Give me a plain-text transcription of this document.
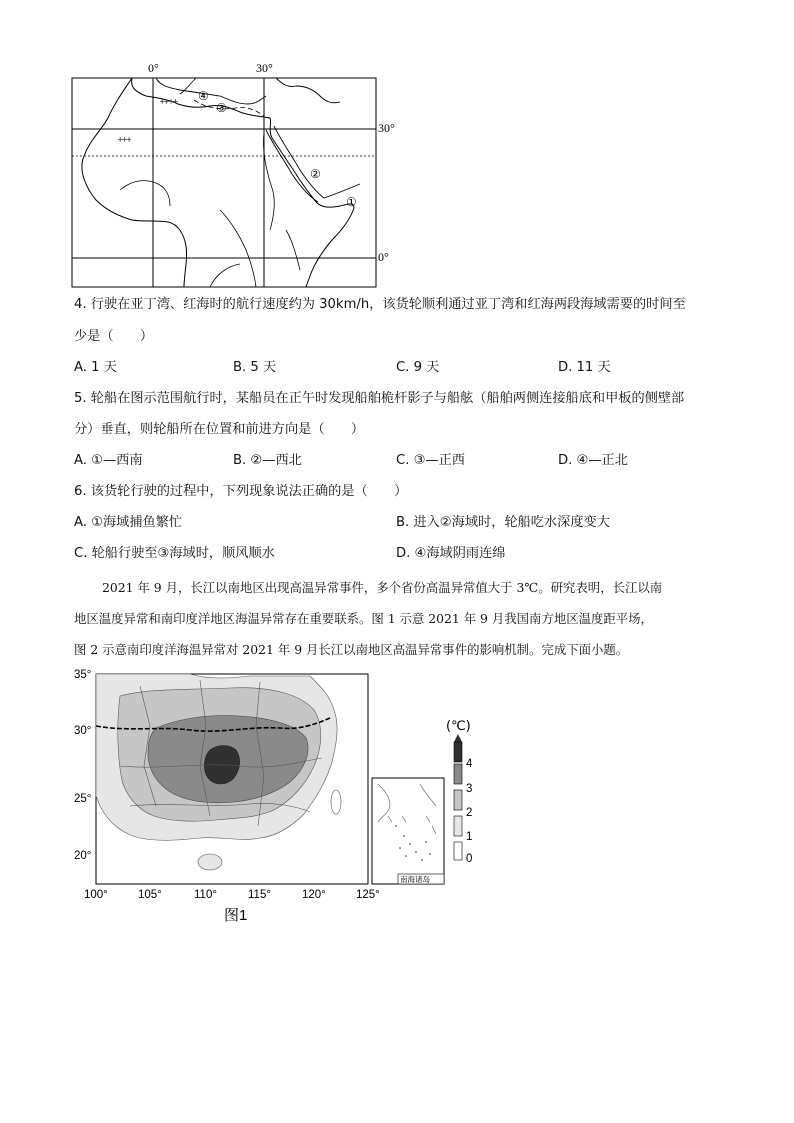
ᚐᚐᚐ
ᚐᚐᚐᚐ
①
②
③
④
0°	30°
30°
0°
4. 行驶在亚丁湾、红海时的航行速度约为 30km/h，该货轮顺利通过亚丁湾和红海两段海域需要的时间至
少是（　　）
A. 1 天	B. 5 天	C. 9 天	D. 11 天
5. 轮船在图示范围航行时，某船员在正午时发现船舶桅杆影子与船舷（船舶两侧连接船底和甲板的侧壁部
分）垂直，则轮船所在位置和前进方向是（　　）
A. ①—西南	B. ②—西北	C. ③—正西	D. ④—正北
6. 该货轮行驶的过程中，下列现象说法正确的是（　　）
A. ①海域捕鱼繁忙	B. 进入②海域时，轮船吃水深度变大
C. 轮船行驶至③海域时，顺风顺水	D. ④海域阴雨连绵
2021 年 9 月，长江以南地区出现高温异常事件，多个省份高温异常值大于 3℃。研究表明，长江以南
地区温度异常和南印度洋地区海温异常存在重要联系。图 1 示意 2021 年 9 月我国南方地区温度距平场，
图 2 示意南印度洋海温异常对 2021 年 9 月长江以南地区高温异常事件的影响机制。完成下面小题。
35°
30°
25°
20°
100°	105°	110°	115°	120°	125°
图1
南海诸岛
(℃)
4
3
2
1
0
